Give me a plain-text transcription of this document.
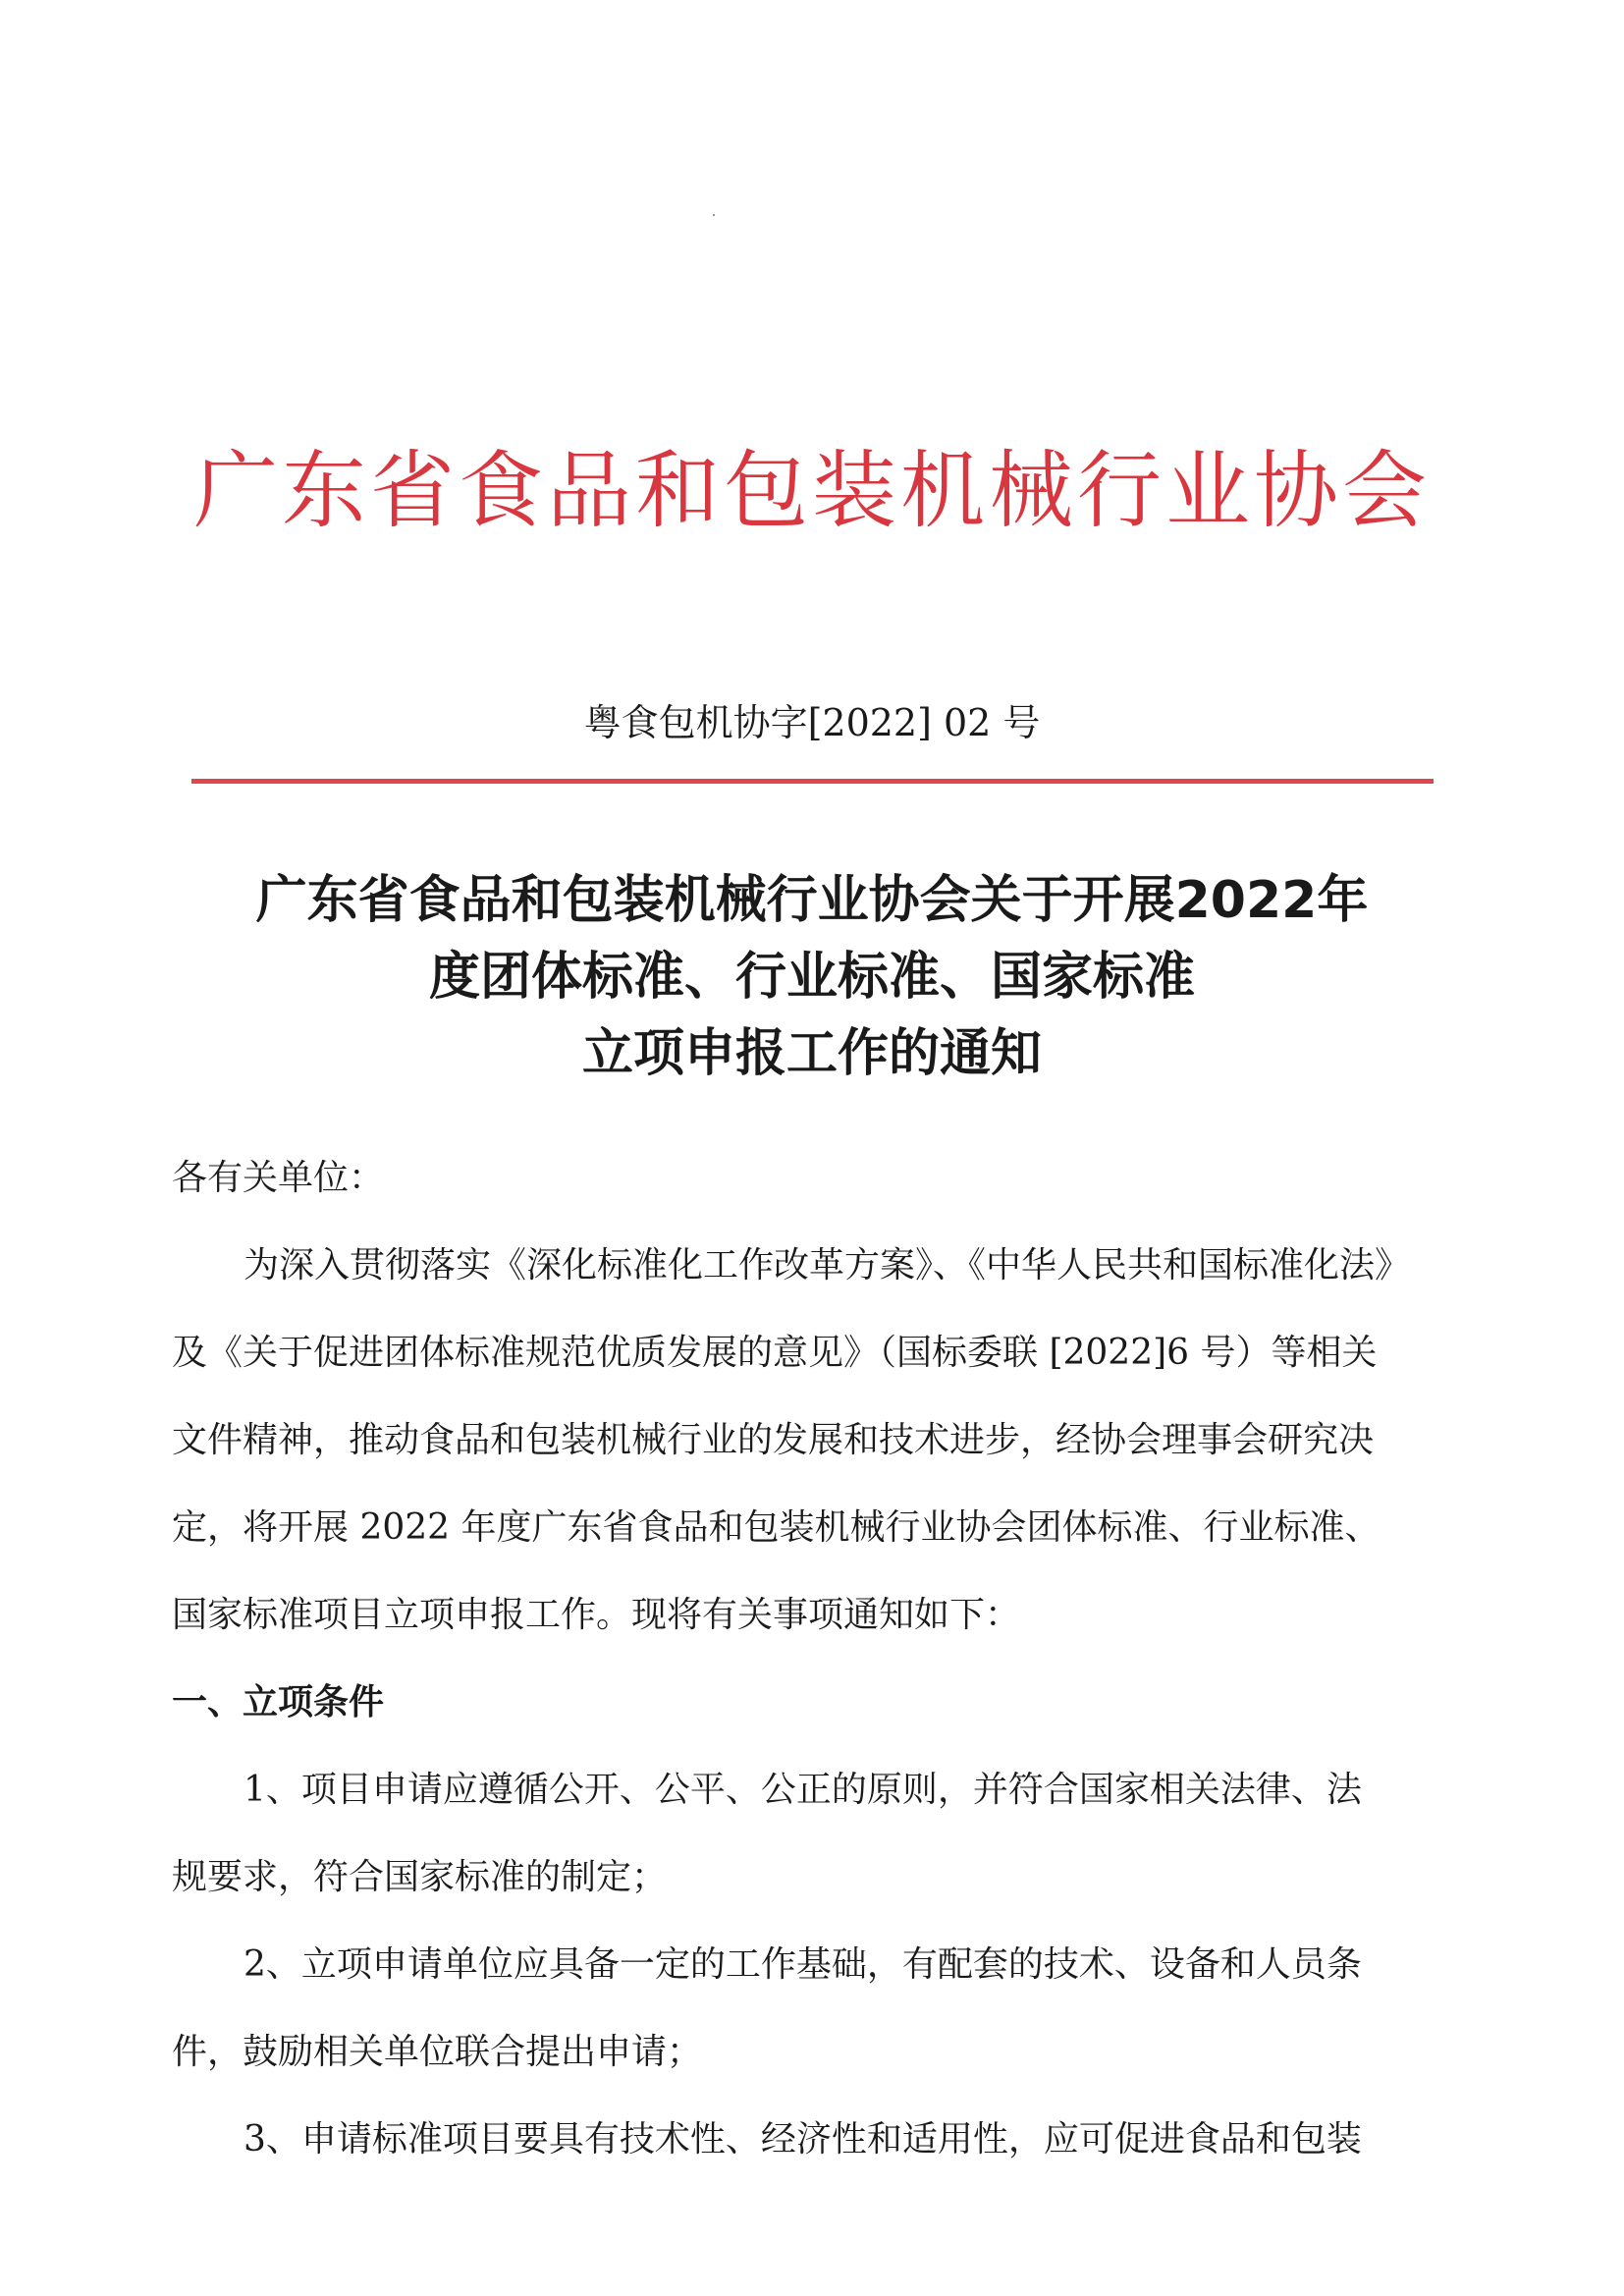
广东省食品和包装机械行业协会
粤食包机协字[2022] 02 号
广东省食品和包装机械行业协会关于开展2022年
度团体标准、行业标准、国家标准
立项申报工作的通知

各有关单位：

为深入贯彻落实《深化标准化工作改革方案》、《中华人民共和国标准化法》

及《关于促进团体标准规范优质发展的意见》（国标委联 [2022]6 号）等相关

文件精神，推动食品和包装机械行业的发展和技术进步，经协会理事会研究决

定，将开展 2022 年度广东省食品和包装机械行业协会团体标准、行业标准、

国家标准项目立项申报工作。现将有关事项通知如下：

一、立项条件

1、项目申请应遵循公开、公平、公正的原则，并符合国家相关法律、法

规要求，符合国家标准的制定；

2、立项申请单位应具备一定的工作基础，有配套的技术、设备和人员条

件，鼓励相关单位联合提出申请；

3、申请标准项目要具有技术性、经济性和适用性，应可促进食品和包装
